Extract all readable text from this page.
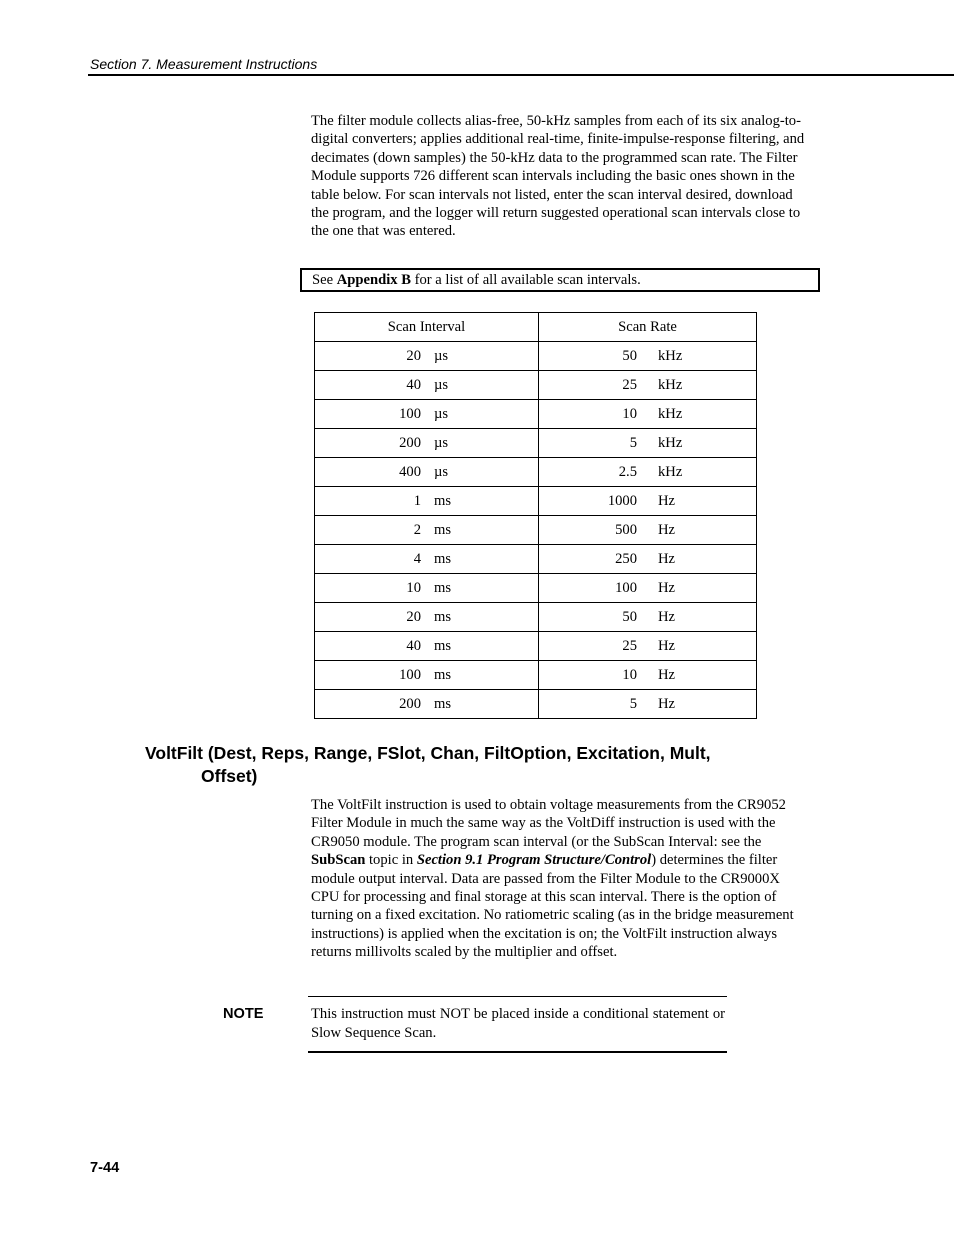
Section 7. Measurement Instructions
The filter module collects alias-free, 50-kHz samples from each of its six analog-to-digital converters; applies additional real-time, finite-impulse-response filtering, and decimates (down samples) the 50-kHz data to the programmed scan rate. The Filter Module supports 726 different scan intervals including the basic ones shown in the table below. For scan intervals not listed, enter the scan interval desired, download the program, and the logger will return suggested operational scan intervals close to the one that was entered.
See Appendix B for a list of all available scan intervals.
Scan Interval	Scan Rate

20 µs	50 kHz

40 µs	25 kHz

100 µs	10 kHz

200 µs	5 kHz

400 µs	2.5 kHz

1 ms	1000 Hz

2 ms	500 Hz

4 ms	250 Hz

10 ms	100 Hz

20 ms	50 Hz

40 ms	25 Hz

100 ms	10 Hz

200 ms	5 Hz
VoltFilt (Dest, Reps, Range, FSlot, Chan, FiltOption, Excitation, Mult,
Offset)
The VoltFilt instruction is used to obtain voltage measurements from the CR9052 Filter Module in much the same way as the VoltDiff instruction is used with the CR9050 module. The program scan interval (or the SubScan Interval: see the SubScan topic in Section 9.1 Program Structure/Control) determines the filter module output interval. Data are passed from the Filter Module to the CR9000X CPU for processing and final storage at this scan interval. There is the option of turning on a fixed excitation. No ratiometric scaling (as in the bridge measurement instructions) is applied when the excitation is on; the VoltFilt instruction always returns millivolts scaled by the multiplier and offset.
NOTE	This instruction must NOT be placed inside a conditional statement or Slow Sequence Scan.
7-44
